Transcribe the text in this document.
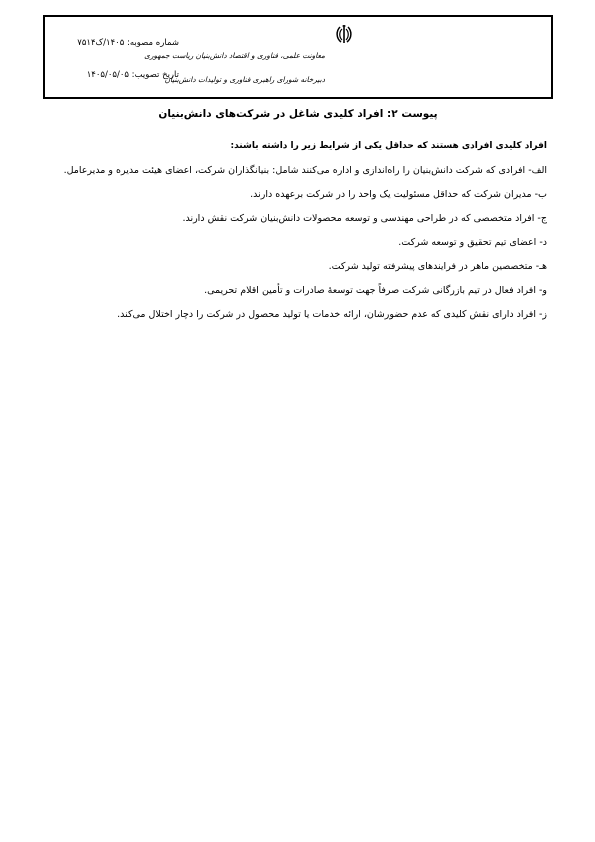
شماره مصوبه: ۱۴۰۵/ک۷۵۱۴
تاریخ تصویب: ۱۴۰۵/۰۵/۰۵
معاونت علمی، فناوری و اقتصاد دانش‌بنیان ریاست جمهوری
دبیرخانه شورای راهبری فناوری و تولیدات دانش‌بنیان
پیوست ۲: افراد کلیدی شاغل در شرکت‌های دانش‌بنیان

افراد کلیدی افرادی هستند که حداقل یکی از شرایط زیر را داشته باشند:

الف- افرادی که شرکت دانش‌بنیان را راه‌اندازی و اداره می‌کنند شامل: بنیانگذاران شرکت، اعضای هیئت مدیره و مدیرعامل.

ب- مدیران شرکت که حداقل مسئولیت یک واحد را در شرکت برعهده دارند.

ج- افراد متخصصی که در طراحی مهندسی و توسعه محصولات دانش‌بنیان شرکت نقش دارند.

د- اعضای تیم تحقیق و توسعه شرکت.

هـ- متخصصین ماهر در فرایندهای پیشرفته تولید شرکت.

و- افراد فعال در تیم بازرگانی شرکت صرفاً جهت توسعهٔ صادرات و تأمین اقلام تحریمی.

ز- افراد دارای نقش کلیدی که عدم حضورشان، ارائه خدمات یا تولید محصول در شرکت را دچار اختلال می‌کند.
